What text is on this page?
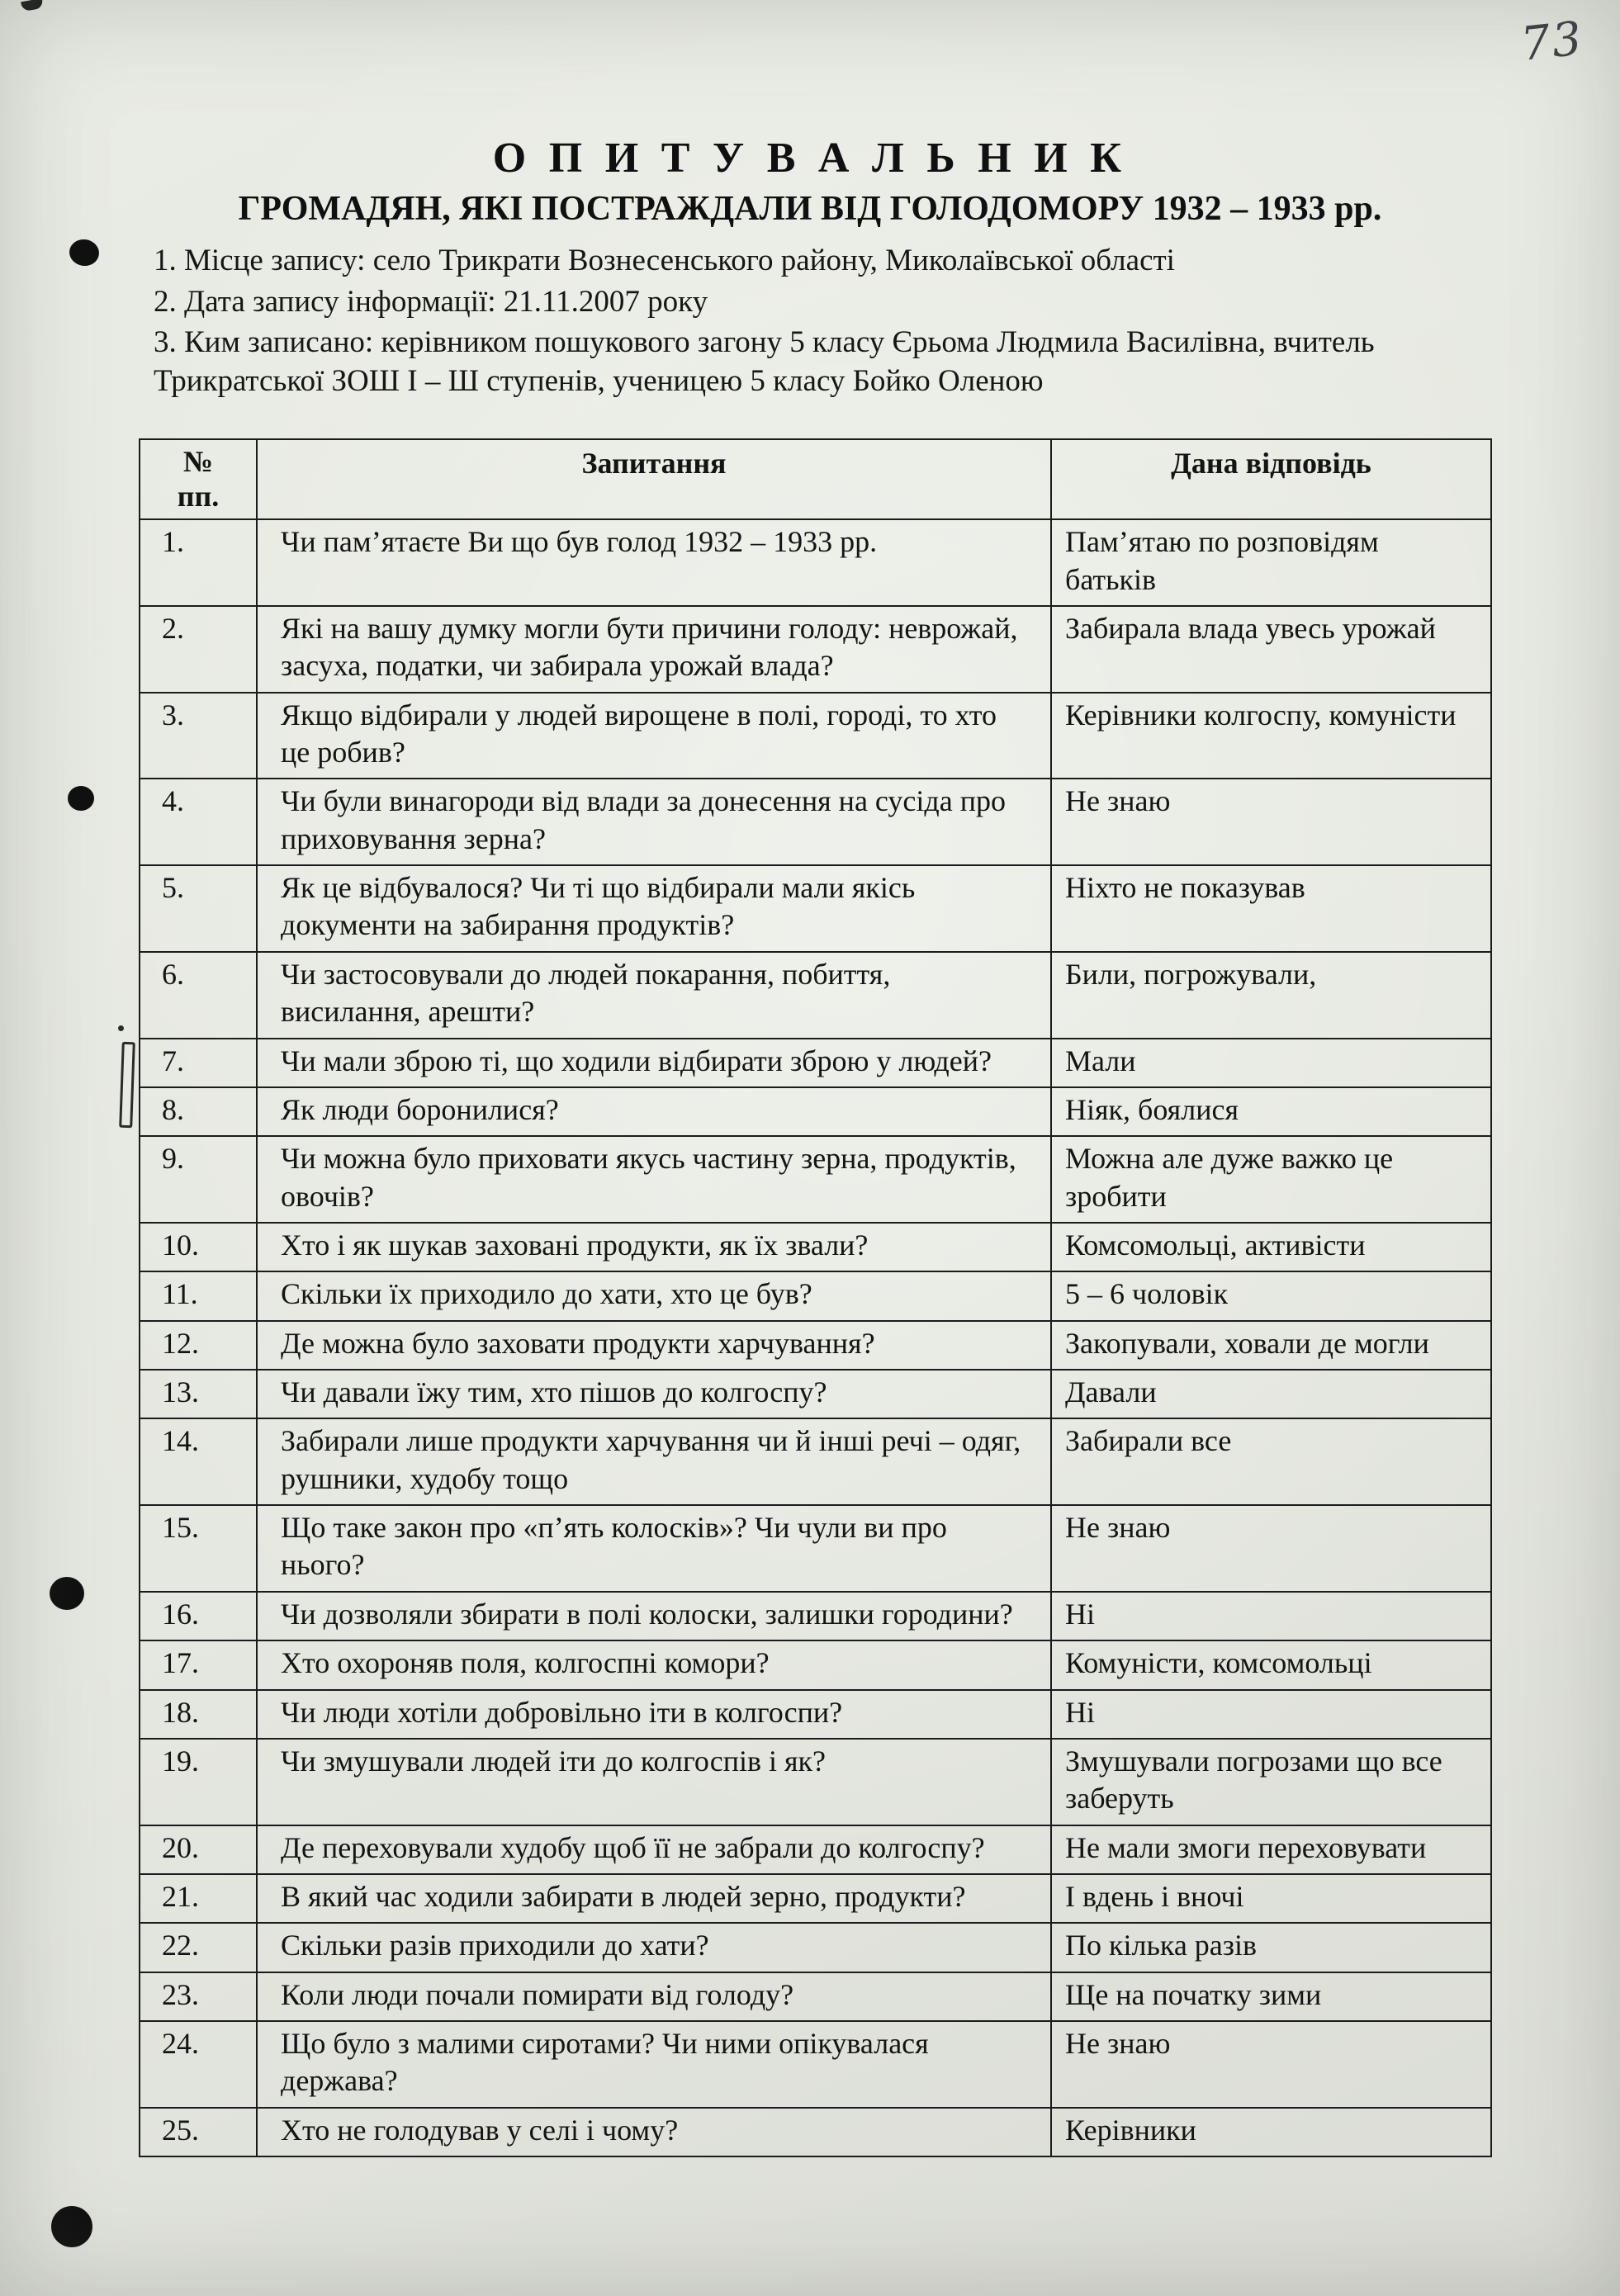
73
О П И Т У В А Л Ь Н И К
ГРОМАДЯН, ЯКІ ПОСТРАЖДАЛИ ВІД ГОЛОДОМОРУ 1932 – 1933 рр.
1. Місце запису: село Трикрати Вознесенського району, Миколаївської області
2. Дата запису інформації: 21.11.2007 року
3. Ким записано: керівником пошукового загону 5 класу Єрьома Людмила Василівна, вчитель Трикратської ЗОШ І – Ш ступенів, ученицею 5 класу Бойко Оленою
№
пп.	Запитання	Дана відповідь
1.	Чи пам’ятаєте Ви що був голод 1932 – 1933 рр.	Пам’ятаю по розповідям батьків
2.	Які на вашу думку могли бути причини голоду: неврожай, засуха, податки, чи забирала урожай влада?	Забирала влада увесь урожай
3.	Якщо відбирали у людей вирощене в полі, городі, то хто це робив?	Керівники колгоспу, комуністи
4.	Чи були винагороди від влади за донесення на сусіда про приховування зерна?	Не знаю
5.	Як це відбувалося? Чи ті що відбирали мали якісь документи на забирання продуктів?	Ніхто не показував
6.	Чи застосовували до людей покарання, побиття, висилання, арешти?	Били, погрожували,
7.	Чи мали зброю ті, що ходили відбирати зброю у людей?	Мали
8.	Як люди боронилися?	Ніяк, боялися
9.	Чи можна було приховати якусь частину зерна, продуктів, овочів?	Можна але дуже важко це зробити
10.	Хто і як шукав заховані продукти, як їх звали?	Комсомольці, активісти
11.	Скільки їх приходило до хати, хто це був?	5 – 6 чоловік
12.	Де можна було заховати продукти харчування?	Закопували, ховали де могли
13.	Чи давали їжу тим, хто пішов до колгоспу?	Давали
14.	Забирали лише продукти харчування чи й інші речі – одяг, рушники, худобу тощо	Забирали все
15.	Що таке закон про «п’ять колосків»? Чи чули ви про нього?	Не знаю
16.	Чи дозволяли збирати в полі колоски, залишки городини?	Ні
17.	Хто охороняв поля, колгоспні комори?	Комуністи, комсомольці
18.	Чи люди хотіли добровільно іти в колгоспи?	Ні
19.	Чи змушували людей іти до колгоспів і як?	Змушували погрозами що все заберуть
20.	Де переховували худобу щоб її не забрали до колгоспу?	Не мали змоги переховувати
21.	В який час ходили забирати в людей зерно, продукти?	І вдень і вночі
22.	Скільки разів приходили до хати?	По кілька разів
23.	Коли люди почали помирати від голоду?	Ще на початку зими
24.	Що було з малими сиротами? Чи ними опікувалася держава?	Не знаю
25.	Хто не голодував у селі і чому?	Керівники
